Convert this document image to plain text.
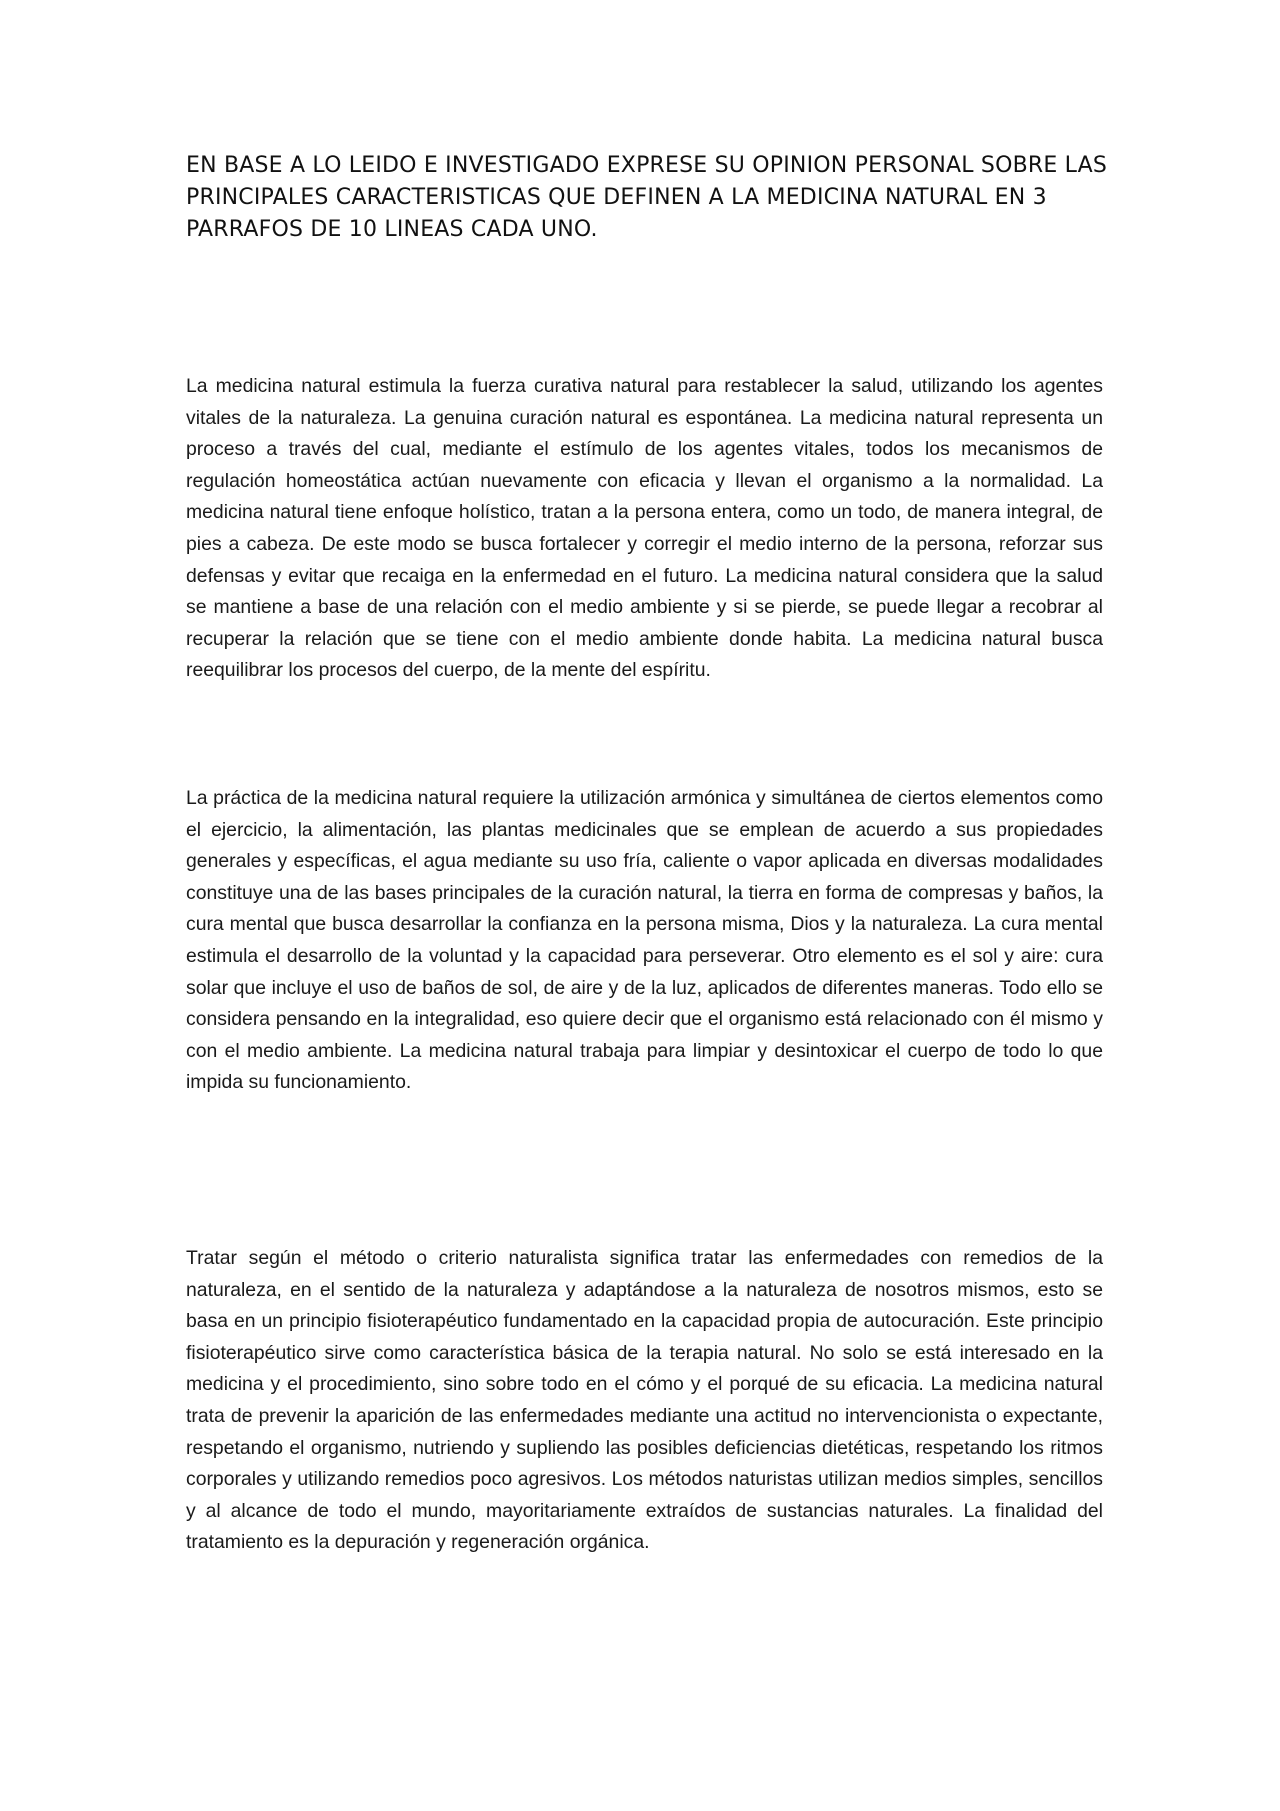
EN BASE A LO LEIDO E INVESTIGADO EXPRESE SU OPINION PERSONAL SOBRE LAS PRINCIPALES CARACTERISTICAS QUE DEFINEN A LA MEDICINA NATURAL EN 3 PARRAFOS DE 10 LINEAS CADA UNO.

La medicina natural estimula la fuerza curativa natural para restablecer la salud, utilizando los agentes vitales de la naturaleza. La genuina curación natural es espontánea. La medicina natural representa un proceso a través del cual, mediante el estímulo de los agentes vitales, todos los mecanismos de regulación homeostática actúan nuevamente con eficacia y llevan el organismo a la normalidad. La medicina natural tiene enfoque holístico, tratan a la persona entera, como un todo, de manera integral, de pies a cabeza. De este modo se busca fortalecer y corregir el medio interno de la persona, reforzar sus defensas y evitar que recaiga en la enfermedad en el futuro. La medicina natural considera que la salud se mantiene a base de una relación con el medio ambiente y si se pierde, se puede llegar a recobrar al recuperar la relación que se tiene con el medio ambiente donde habita. La medicina natural busca reequilibrar los procesos del cuerpo, de la mente del espíritu.

La práctica de la medicina natural requiere la utilización armónica y simultánea de ciertos elementos como el ejercicio, la alimentación, las plantas medicinales que se emplean de acuerdo a sus propiedades generales y específicas, el agua mediante su uso fría, caliente o vapor aplicada en diversas modalidades constituye una de las bases principales de la curación natural, la tierra en forma de compresas y baños, la cura mental que busca desarrollar la confianza en la persona misma, Dios y la naturaleza. La cura mental estimula el desarrollo de la voluntad y la capacidad para perseverar. Otro elemento es el sol y aire: cura solar que incluye el uso de baños de sol, de aire y de la luz, aplicados de diferentes maneras. Todo ello se considera pensando en la integralidad, eso quiere decir que el organismo está relacionado con él mismo y con el medio ambiente. La medicina natural trabaja para limpiar y desintoxicar el cuerpo de todo lo que impida su funcionamiento.

Tratar según el método o criterio naturalista significa tratar las enfermedades con remedios de la naturaleza, en el sentido de la naturaleza y adaptándose a la naturaleza de nosotros mismos, esto se basa en un principio fisioterapéutico fundamentado en la capacidad propia de autocuración. Este principio fisioterapéutico sirve como característica básica de la terapia natural. No solo se está interesado en la medicina y el procedimiento, sino sobre todo en el cómo y el porqué de su eficacia. La medicina natural trata de prevenir la aparición de las enfermedades mediante una actitud no intervencionista o expectante, respetando el organismo, nutriendo y supliendo las posibles deficiencias dietéticas, respetando los ritmos corporales y utilizando remedios poco agresivos. Los métodos naturistas utilizan medios simples, sencillos y al alcance de todo el mundo, mayoritariamente extraídos de sustancias naturales. La finalidad del tratamiento es la depuración y regeneración orgánica.
